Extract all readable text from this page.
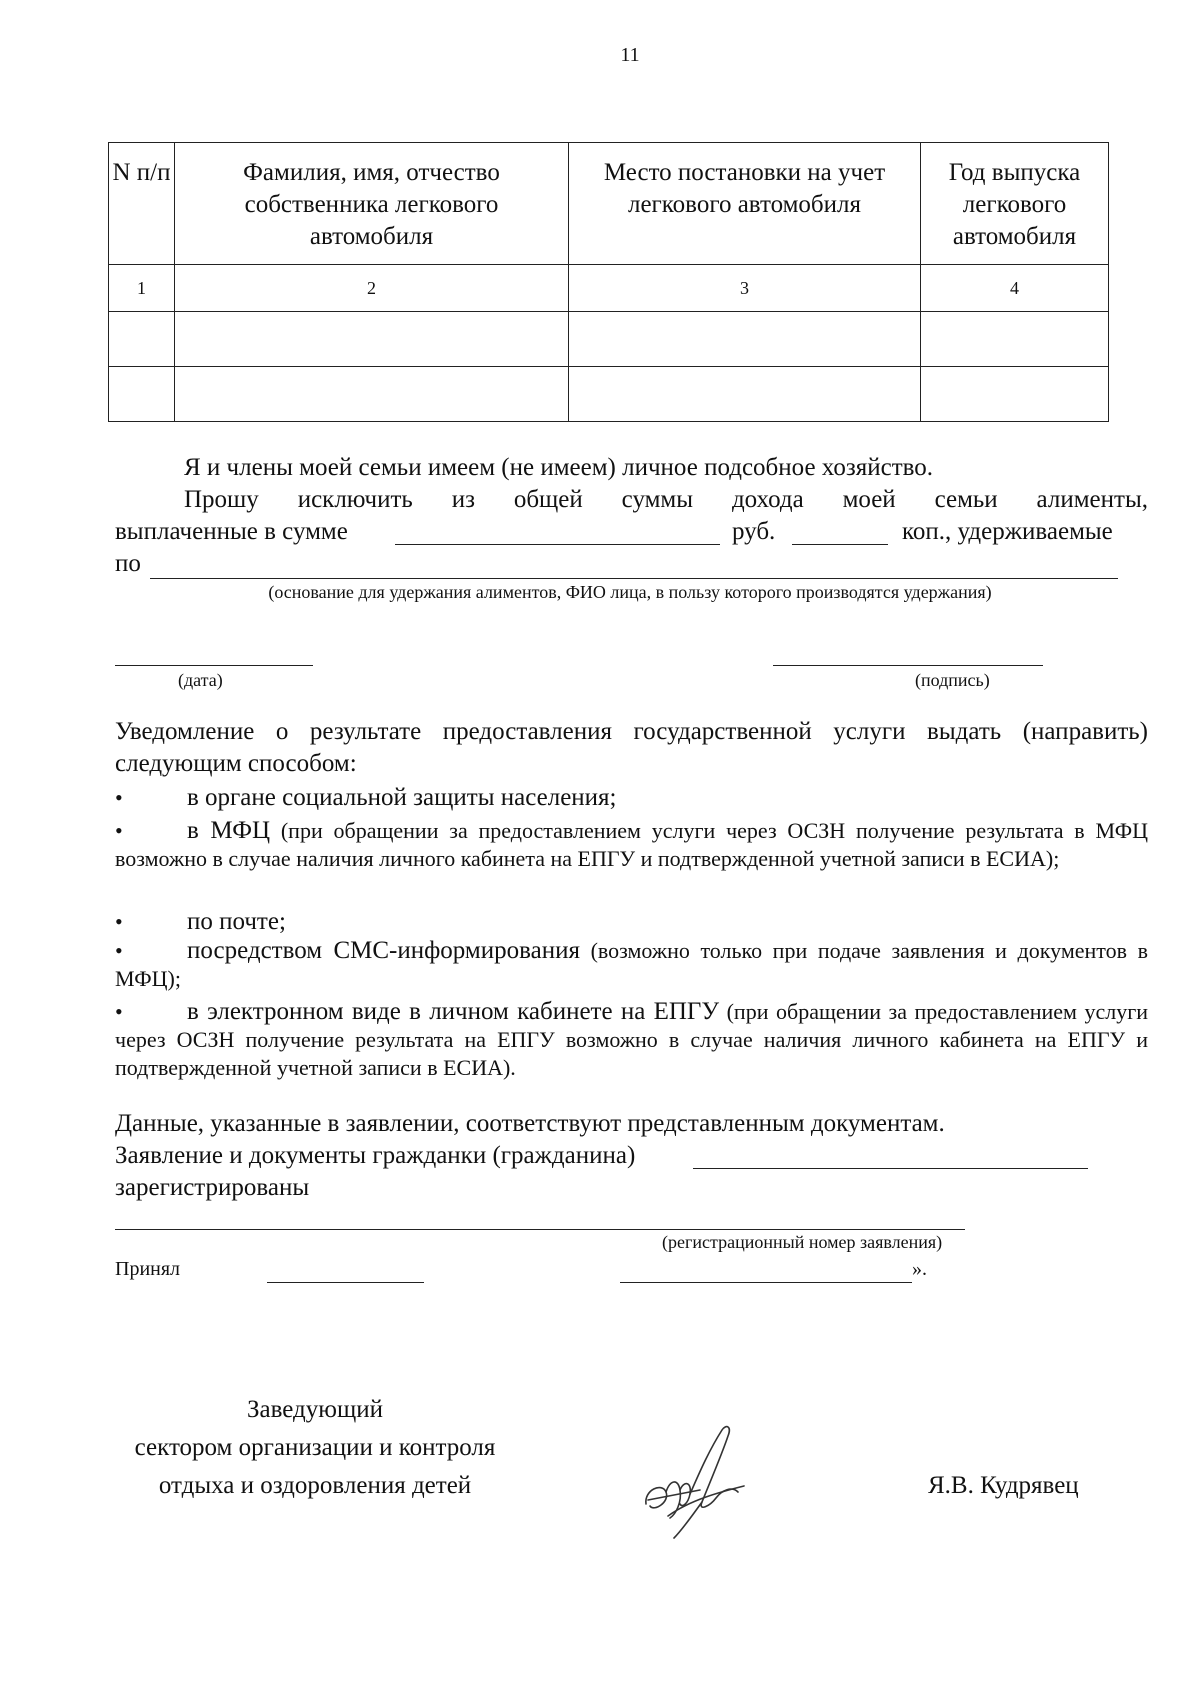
11
N п/п	Фамилия, имя, отчество собственника легкового автомобиля	Место постановки на учет легкового автомобиля	Год выпуска легкового автомобиля
1	2	3	4

Я и члены моей семьи имеем (не имеем) личное подсобное хозяйство.
Прошу исключить из общей суммы дохода моей семьи алименты,
выплаченные в сумме	руб.	коп., удерживаемые
по
(основание для удержания алиментов, ФИО лица, в пользу которого производятся удержания)
(дата)	(подпись)
Уведомление о результате предоставления государственной услуги выдать (направить) следующим способом:
•	в органе социальной защиты населения;
•	в МФЦ (при обращении за предоставлением услуги через ОСЗН получение результата в МФЦ возможно в случае наличия личного кабинета на ЕПГУ и подтвержденной учетной записи в ЕСИА);
•	по почте;
•	посредством СМС-информирования (возможно только при подаче заявления и документов в МФЦ);
•	в электронном виде в личном кабинете на ЕПГУ (при обращении за предоставлением услуги через ОСЗН получение результата на ЕПГУ возможно в случае наличия личного кабинета на ЕПГУ и подтвержденной учетной записи в ЕСИА).
Данные, указанные в заявлении, соответствуют представленным документам.
Заявление и документы гражданки (гражданина)
зарегистрированы
(регистрационный номер заявления)
Принял	».
Заведующий
сектором организации и контроля
отдыха и оздоровления детей	Я.В. Кудрявец
